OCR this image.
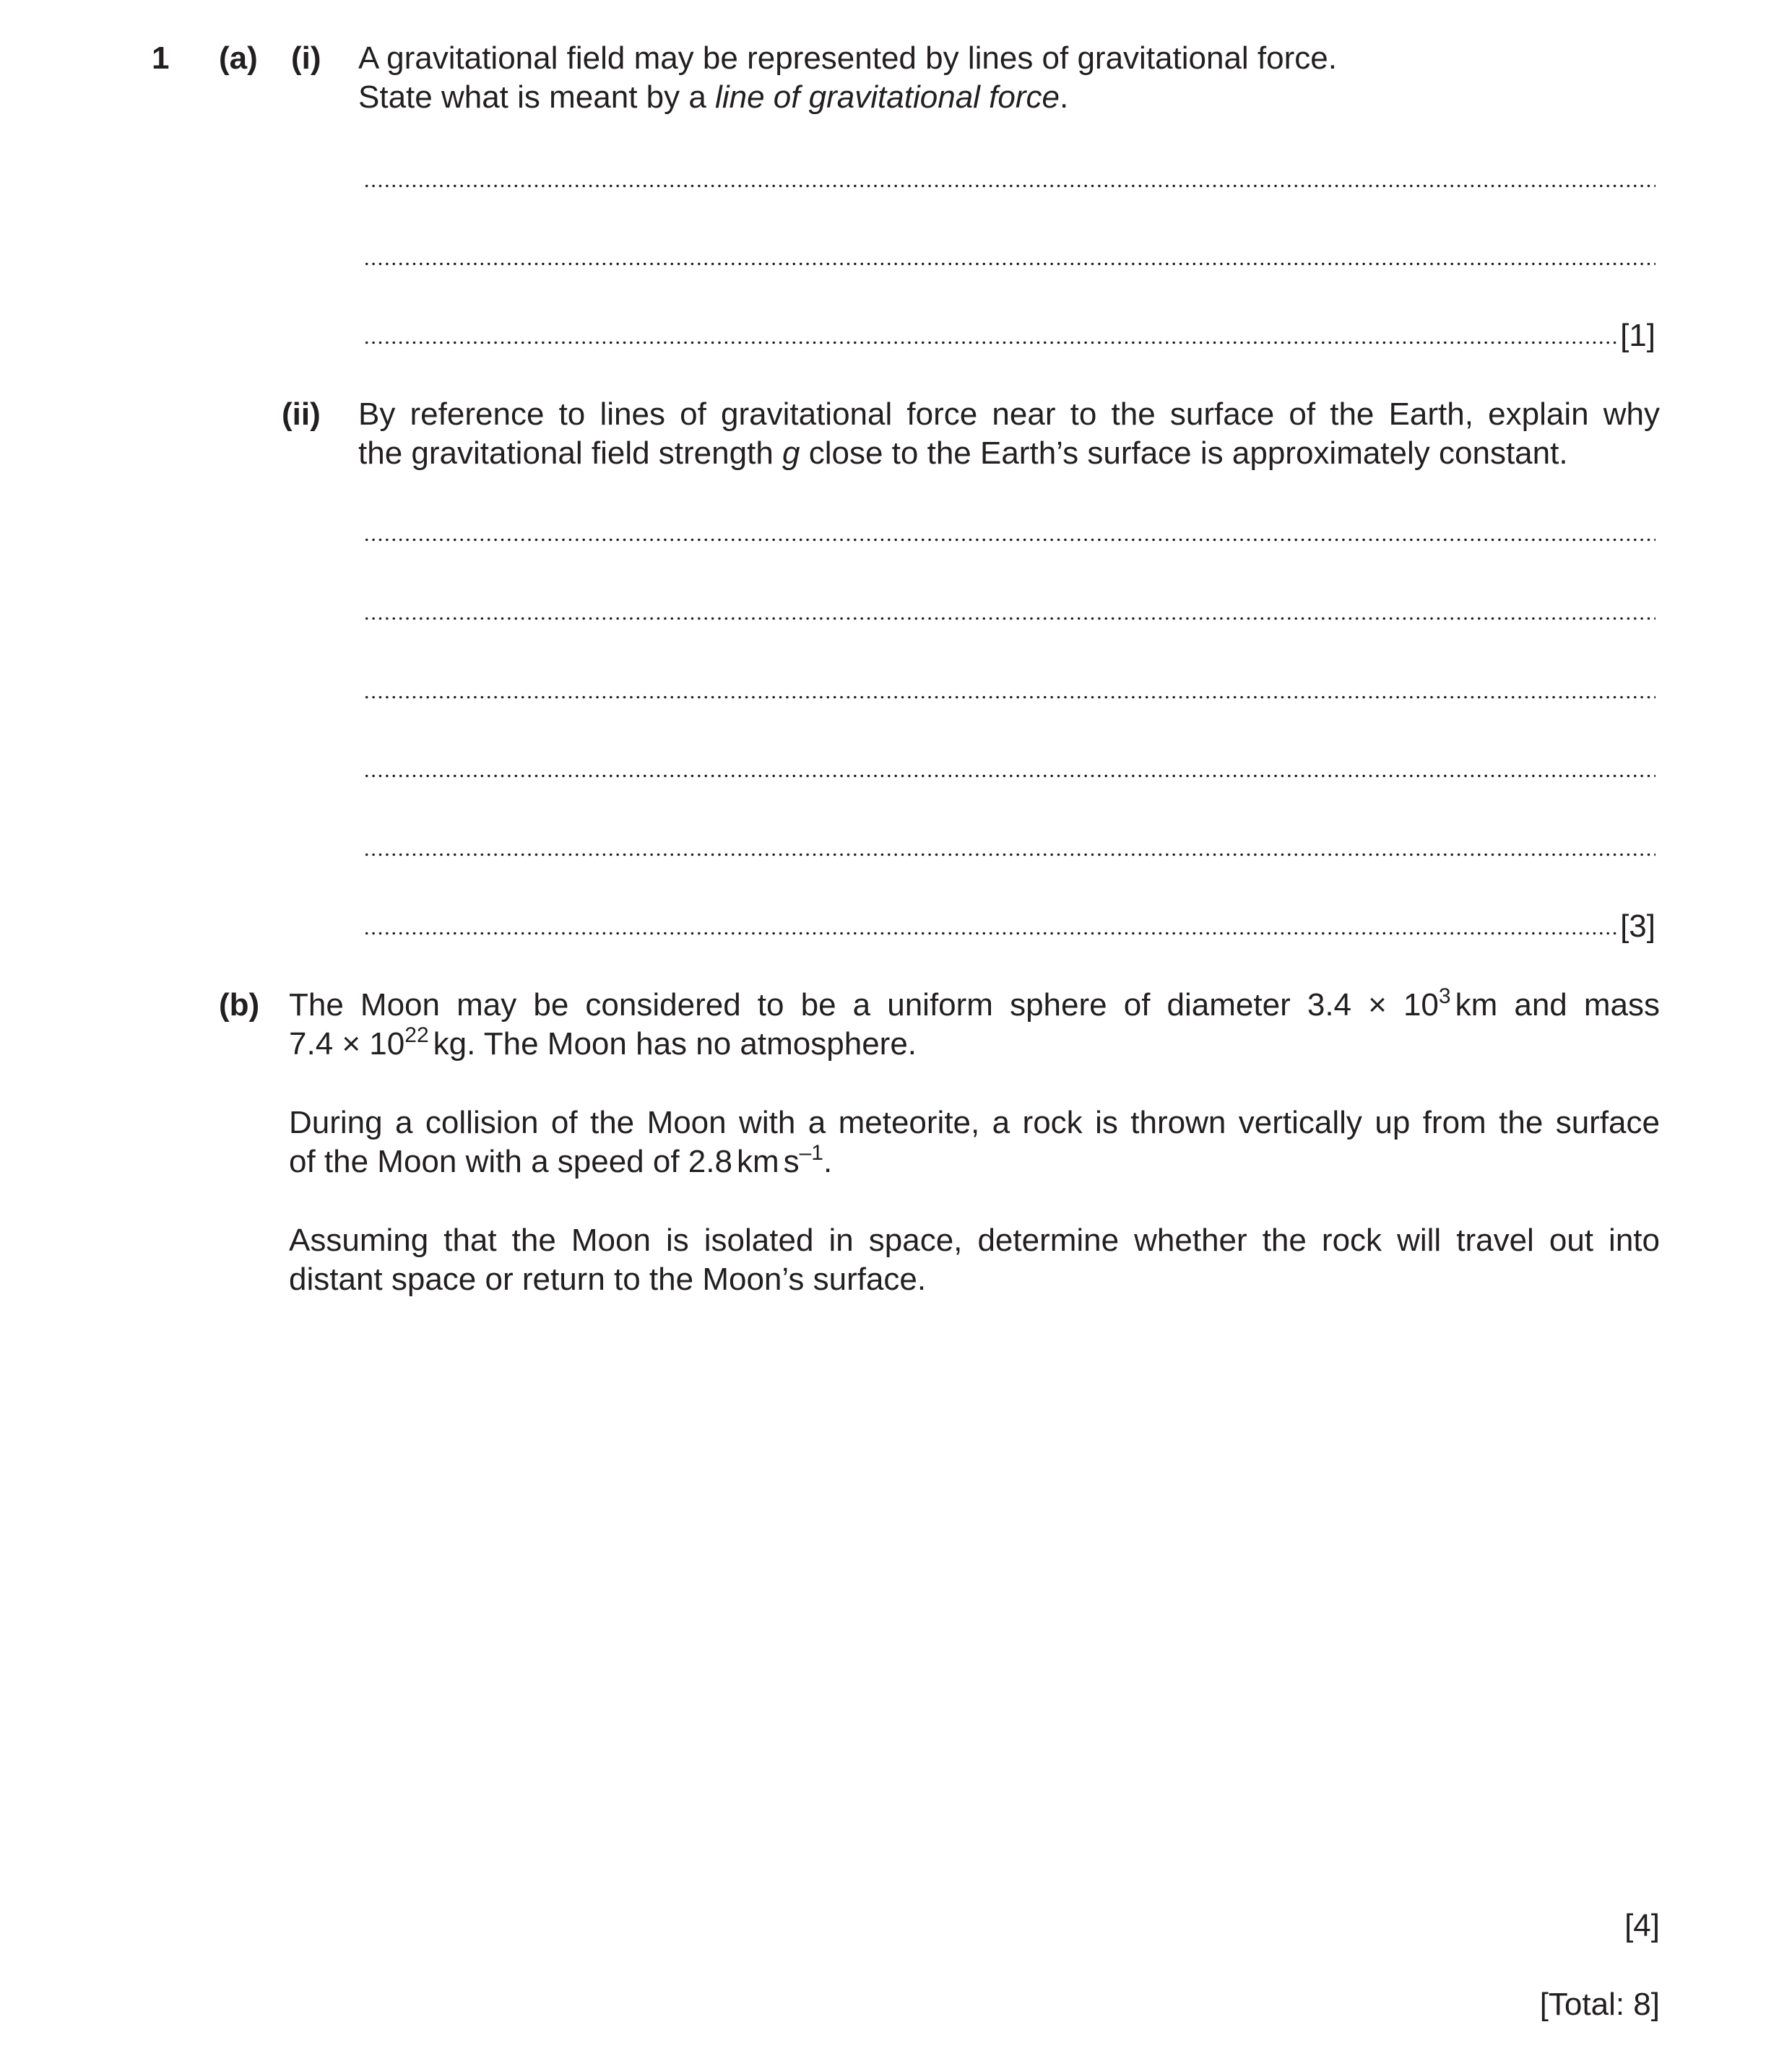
1 (a) (i) A gravitational field may be represented by lines of gravitational force.
State what is meant by a line of gravitational force.
[1]
(ii) By reference to lines of gravitational force near to the surface of the Earth, explain why
the gravitational field strength g close to the Earth’s surface is approximately constant.
[3]
(b) The Moon may be considered to be a uniform sphere of diameter $3.4 \times 10^3$ km and mass
$7.4 \times 10^{22}$ kg. The Moon has no atmosphere.
During a collision of the Moon with a meteorite, a rock is thrown vertically up from the surface
of the Moon with a speed of 2.8 km $s^{-1}$.
Assuming that the Moon is isolated in space, determine whether the rock will travel out into
distant space or return to the Moon’s surface.
[4]
[Total: 8]
